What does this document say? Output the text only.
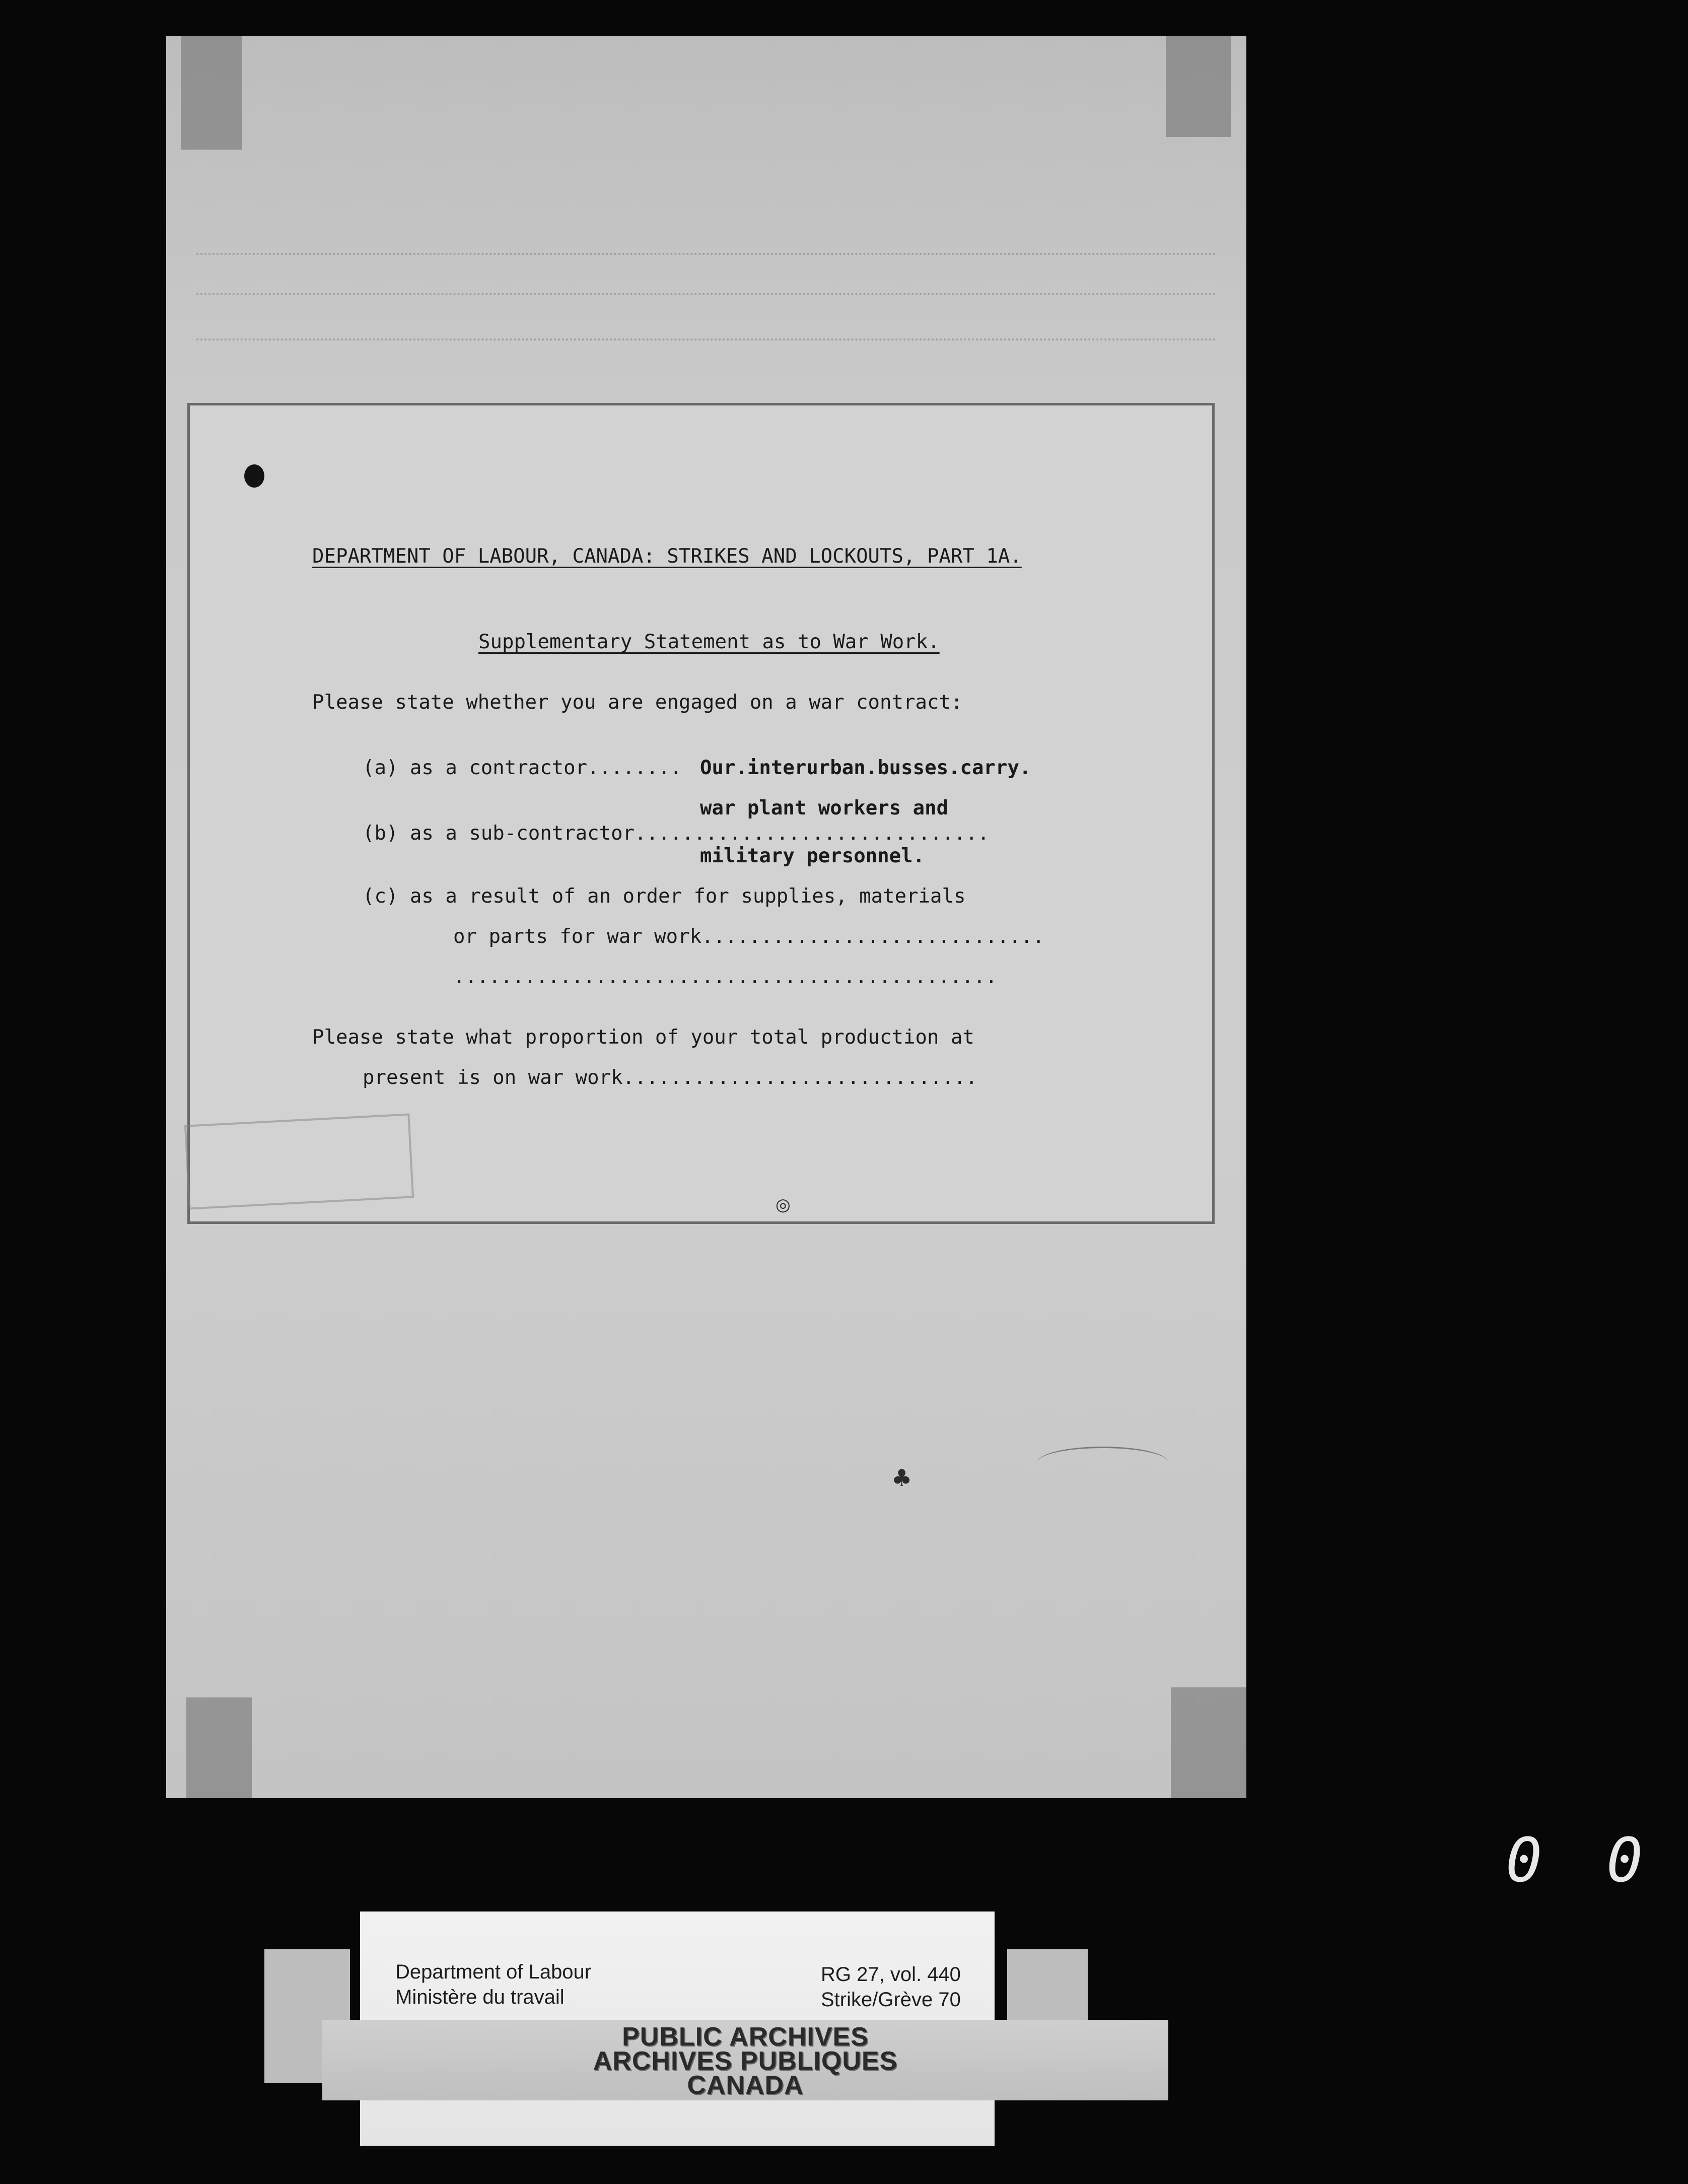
DEPARTMENT OF LABOUR, CANADA: STRIKES AND LOCKOUTS, PART 1A.
Supplementary Statement as to War Work.
Please state whether you are engaged on a war contract:
(a) as a contractor........ Our.interurban.busses.carry.
war plant workers and
(b) as a sub-contractor..............................
military personnel.
(c) as a result of an order for supplies, materials
or parts for war work.............................
..............................................
Please state what proportion of your total production at
present is on war work..............................
◎
♣
0 0
Department of Labour
Ministère du travail
RG 27, vol. 440
Strike/Grève 70
PUBLIC ARCHIVES
ARCHIVES PUBLIQUES
CANADA
